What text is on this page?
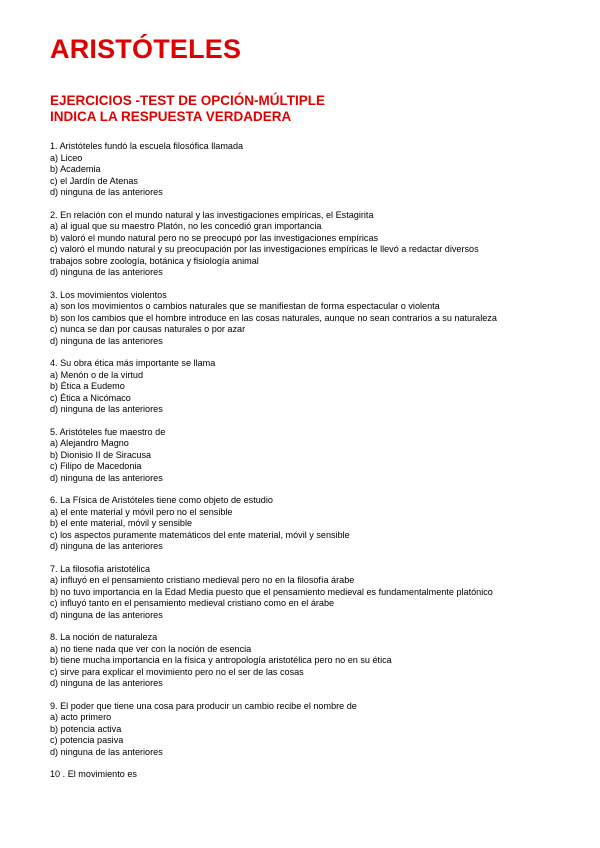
ARISTÓTELES
EJERCICIOS -TEST DE OPCIÓN-MÚLTIPLE
INDICA LA RESPUESTA VERDADERA
1. Aristóteles fundó la escuela filosófica llamada
a) Liceo
b) Academia
c) el Jardín de Atenas
d) ninguna de las anteriores
2. En relación con el mundo natural y las investigaciones empíricas, el Estagirita
a) al igual que su maestro Platón, no les concedió gran importancia
b) valoró el mundo natural pero no se preocupó por las investigaciones empíricas
c) valoró el mundo natural y su preocupación por las investigaciones empíricas le llevó a redactar diversos
trabajos sobre zoología, botánica y fisiología animal
d) ninguna de las anteriores
3. Los movimientos violentos
a) son los movimientos o cambios naturales que se manifiestan de forma espectacular o violenta
b) son los cambios que el hombre introduce en las cosas naturales, aunque no sean contrarios a su naturaleza
c) nunca se dan por causas naturales o por azar
d) ninguna de las anteriores
4. Su obra ética más importante se llama
a) Menón o de la virtud
b) Ética a Eudemo
c) Ética a Nicómaco
d) ninguna de las anteriores
5. Aristóteles fue maestro de
a) Alejandro Magno
b) Dionisio II de Siracusa
c) Filipo de Macedonia
d) ninguna de las anteriores
6. La Física de Aristóteles tiene como objeto de estudio
a) el ente material y móvil pero no el sensible
b) el ente material, móvil y sensible
c) los aspectos puramente matemáticos del ente material, móvil y sensible
d) ninguna de las anteriores
7. La filosofía aristotélica
a) influyó en el pensamiento cristiano medieval pero no en la filosofía árabe
b) no tuvo importancia en la Edad Media puesto que el pensamiento medieval es fundamentalmente platónico
c) influyó tanto en el pensamiento medieval cristiano como en el árabe
d) ninguna de las anteriores
8. La noción de naturaleza
a) no tiene nada que ver con la noción de esencia
b) tiene mucha importancia en la física y antropología aristotélica pero no en su ética
c) sirve para explicar el movimiento pero no el ser de las cosas
d) ninguna de las anteriores
9. El poder que tiene una cosa para producir un cambio recibe el nombre de
a) acto primero
b) potencia activa
c) potencia pasiva
d) ninguna de las anteriores
10 . El movimiento es
